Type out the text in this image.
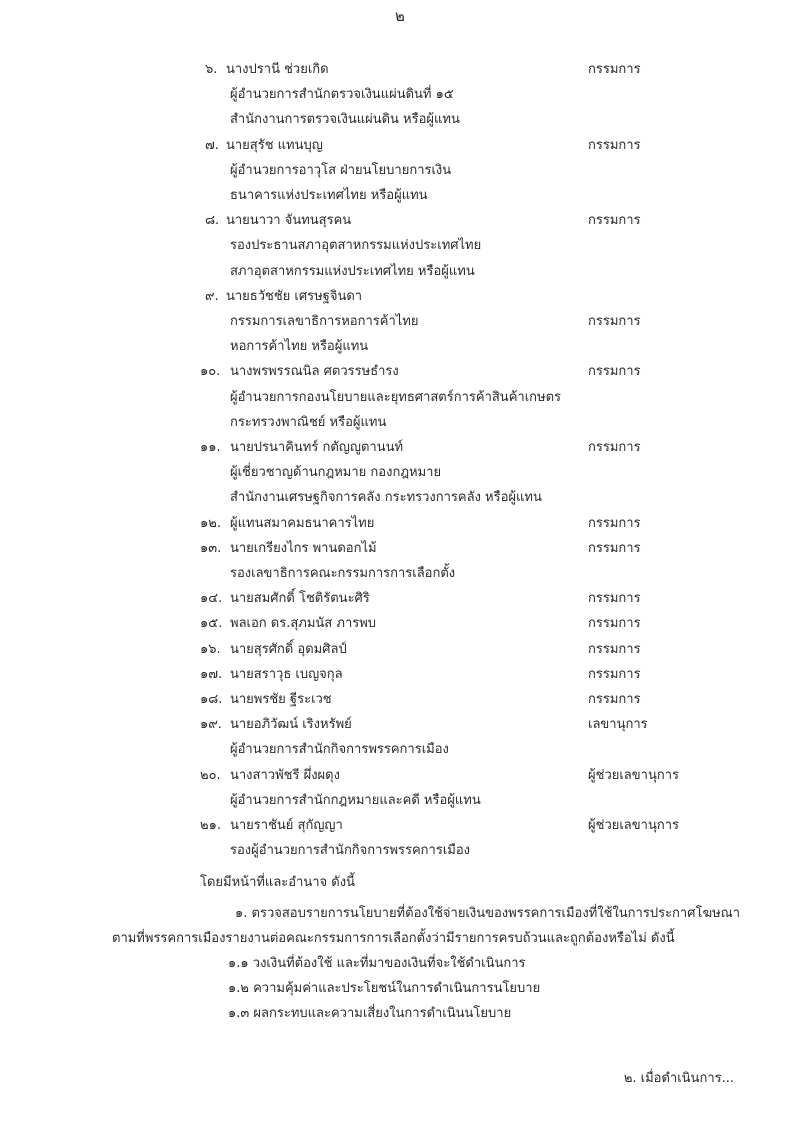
๒
๖. นางปรานี ช่วยเกิด	กรรมการ
ผู้อำนวยการสำนักตรวจเงินแผ่นดินที่ ๑๕
สำนักงานการตรวจเงินแผ่นดิน หรือผู้แทน
๗. นายสุรัช แทนบุญ	กรรมการ
ผู้อำนวยการอาวุโส ฝ่ายนโยบายการเงิน
ธนาคารแห่งประเทศไทย หรือผู้แทน
๘. นายนาวา จันทนสุรคน	กรรมการ
รองประธานสภาอุตสาหกรรมแห่งประเทศไทย
สภาอุตสาหกรรมแห่งประเทศไทย หรือผู้แทน
๙. นายธวัชชัย เศรษฐจินดา
กรรมการเลขาธิการหอการค้าไทย	กรรมการ
หอการค้าไทย หรือผู้แทน
๑๐. นางพรพรรณนิล ศตวรรษธำรง	กรรมการ
ผู้อำนวยการกองนโยบายและยุทธศาสตร์การค้าสินค้าเกษตร
กระทรวงพาณิชย์ หรือผู้แทน
๑๑. นายปรนาคินทร์ กตัญญูตานนท์	กรรมการ
ผู้เชี่ยวชาญด้านกฎหมาย กองกฎหมาย
สำนักงานเศรษฐกิจการคลัง กระทรวงการคลัง หรือผู้แทน
๑๒. ผู้แทนสมาคมธนาคารไทย	กรรมการ
๑๓. นายเกรียงไกร พานดอกไม้	กรรมการ
รองเลขาธิการคณะกรรมการการเลือกตั้ง
๑๔. นายสมศักดิ์ โชติรัตนะศิริ	กรรมการ
๑๕. พลเอก ดร.สุภมนัส ภารพบ	กรรมการ
๑๖. นายสุรศักดิ์ อุดมศิลป์	กรรมการ
๑๗. นายสราวุธ เบญจกุล	กรรมการ
๑๘. นายพรชัย ฐีระเวช	กรรมการ
๑๙. นายอภิวัฒน์ เริงหรัพย์	เลขานุการ
ผู้อำนวยการสำนักกิจการพรรคการเมือง
๒๐. นางสาวพัชรี ผึ่งผดุง	ผู้ช่วยเลขานุการ
ผู้อำนวยการสำนักกฎหมายและคดี หรือผู้แทน
๒๑. นายราชันย์ สุกัญญา	ผู้ช่วยเลขานุการ
รองผู้อำนวยการสำนักกิจการพรรคการเมือง
โดยมีหน้าที่และอำนาจ ดังนี้
๑. ตรวจสอบรายการนโยบายที่ต้องใช้จ่ายเงินของพรรคการเมืองที่ใช้ในการประกาศโฆษณา
ตามที่พรรคการเมืองรายงานต่อคณะกรรมการการเลือกตั้งว่ามีรายการครบถ้วนและถูกต้องหรือไม่ ดังนี้
๑.๑ วงเงินที่ต้องใช้ และที่มาของเงินที่จะใช้ดำเนินการ
๑.๒ ความคุ้มค่าและประโยชน์ในการดำเนินการนโยบาย
๑.๓ ผลกระทบและความเสี่ยงในการดำเนินนโยบาย
๒. เมื่อดำเนินการ...
